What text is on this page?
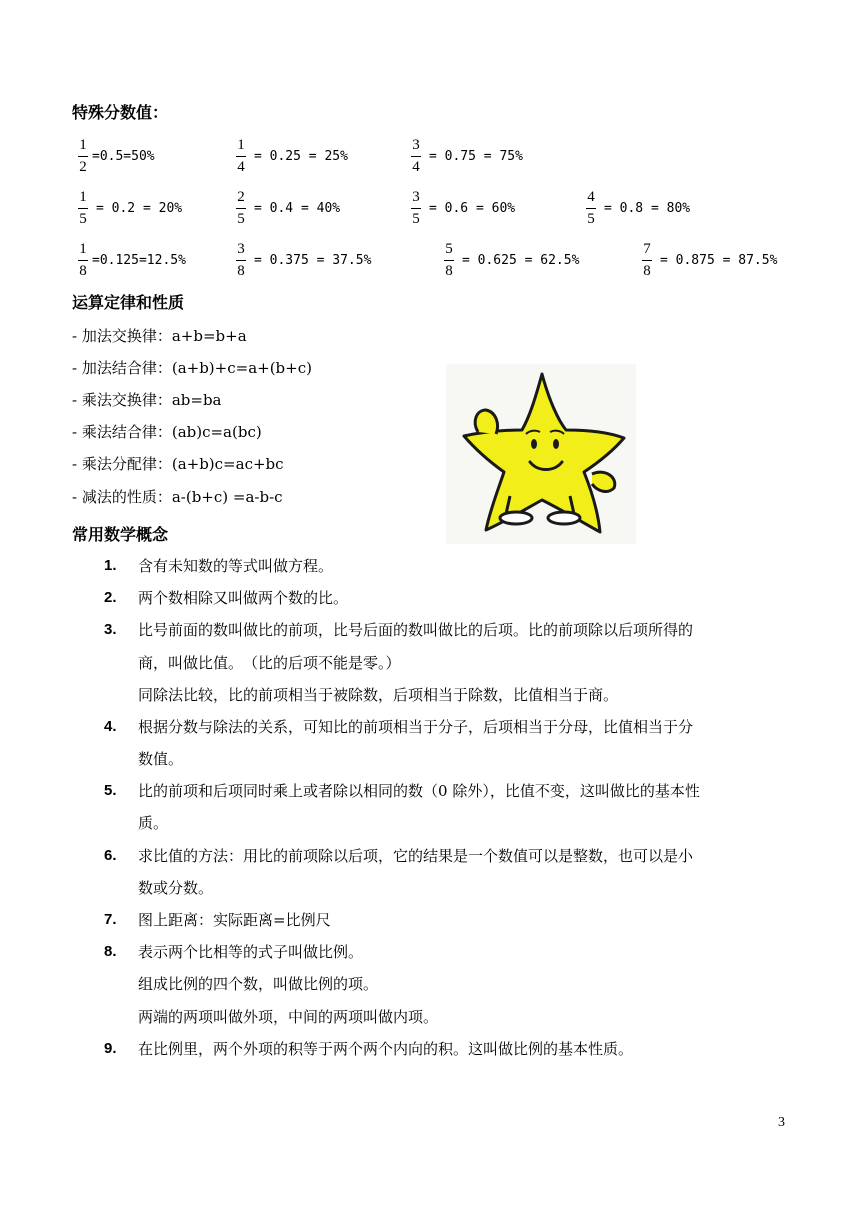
特殊分数值：
$\frac{1}{2} =0.5=50\%$	$\frac{1}{4} = 0.25 = 25\%$	$\frac{3}{4} = 0.75 = 75\%$
$\frac{1}{5} = 0.2 = 20\%$	$\frac{2}{5} = 0.4 = 40\%$	$\frac{3}{5} = 0.6 = 60\%$	$\frac{4}{5} = 0.8 = 80\%$
$\frac{1}{8} =0.125=12.5\%$	$\frac{3}{8} = 0.375 = 37.5\%$	$\frac{5}{8} = 0.625 = 62.5\%$	$\frac{7}{8} = 0.875 = 87.5\%$
运算定律和性质
- 加法交换律：a+b=b+a
- 加法结合律：(a+b)+c=a+(b+c)
- 乘法交换律：ab=ba
- 乘法结合律：(ab)c=a(bc)
- 乘法分配律：(a+b)c=ac+bc
- 减法的性质：a-(b+c) =a-b-c
常用数学概念
1. 含有未知数的等式叫做方程。
2. 两个数相除又叫做两个数的比。
3. 比号前面的数叫做比的前项，比号后面的数叫做比的后项。比的前项除以后项所得的
商，叫做比值。　（比的后项不能是零。）
同除法比较，比的前项相当于被除数，后项相当于除数，比值相当于商。
4. 根据分数与除法的关系，可知比的前项相当于分子，后项相当于分母，比值相当于分
数值。
5. 比的前项和后项同时乘上或者除以相同的数（0 除外），比值不变，这叫做比的基本性
质。
6. 求比值的方法：用比的前项除以后项，它的结果是一个数值可以是整数，也可以是小
数或分数。
7. 图上距离：实际距离=比例尺
8. 表示两个比相等的式子叫做比例。
组成比例的四个数，叫做比例的项。
两端的两项叫做外项，中间的两项叫做内项。
9. 在比例里，两个外项的积等于两个两个内向的积。这叫做比例的基本性质。
3
